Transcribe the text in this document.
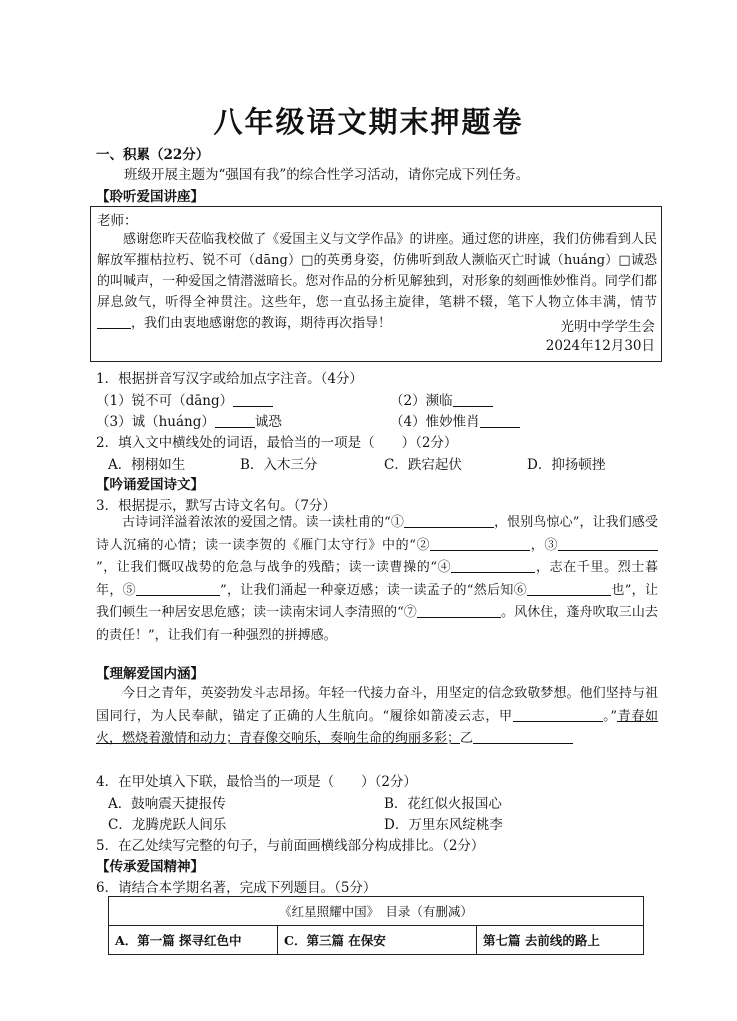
八年级语文期末押题卷
一、积累（22分）
班级开展主题为“强国有我”的综合性学习活动，请你完成下列任务。
【聆听爱国讲座】
老师：
感谢您昨天莅临我校做了《爱国主义与文学作品》的讲座。通过您的讲座，我们仿佛看到人民解放军摧枯拉朽、锐不可（dāng）□的英勇身姿，仿佛听到敌人濒临灭亡时诚（huáng）□诚恐的叫喊声，一种爱国之情潜滋暗长。您对作品的分析见解独到，对形象的刻画惟妙惟肖。同学们都屏息敛气，听得全神贯注。这些年，您一直弘扬主旋律，笔耕不辍，笔下人物立体丰满，情节，我们由衷地感谢您的教诲，期待再次指导！	光明中学学生会
2024年12月30日
1．根据拼音写汉字或给加点字注音。（4分）
（1）锐不可（dāng）	（2）濒临
（3）诚（huáng）	诚恐	（4）惟妙惟肖
2．填入文中横线处的词语，最恰当的一项是（　　）（2分）
A．栩栩如生	B．入木三分	C．跌宕起伏	D．抑扬顿挫
【吟诵爱国诗文】
3．根据提示，默写古诗文名句。（7分）
古诗词洋溢着浓浓的爱国之情。读一读杜甫的“①	，恨别鸟惊心”，让我们感受诗人沉痛的心情；读一读李贺的《雁门太守行》中的“②	，③”，让我们慨叹战势的危急与战争的残酷；读一读曹操的“④	，志在千里。烈士暮年，⑤	”，让我们涌起一种豪迈感；读一读孟子的“然后知⑥	也”，让我们顿生一种居安思危感；读一读南宋词人李清照的“⑦	。风休住，蓬舟吹取三山去的责任！”，让我们有一种强烈的拼搏感。
【理解爱国内涵】
今日之青年，英姿勃发斗志昂扬。年轻一代接力奋斗，用坚定的信念致敬梦想。他们坚持与祖国同行，为人民奉献，锚定了正确的人生航向。“履徐如箭凌云志，甲	。”青春如火，燃烧着激情和动力；青春像交响乐，奏响生命的绚丽多彩；乙
4．在甲处填入下联，最恰当的一项是（　　）（2分）
A．鼓响震天捷报传	B．花红似火报国心
C．龙腾虎跃人间乐	D．万里东风绽桃李
5．在乙处续写完整的句子，与前面画横线部分构成排比。（2分）
【传承爱国精神】
6．请结合本学期名著，完成下列题目。（5分）
《红星照耀中国》　目录（有删减）
A．第一篇 探寻红色中	C．第三篇 在保安	第七篇 去前线的路上
